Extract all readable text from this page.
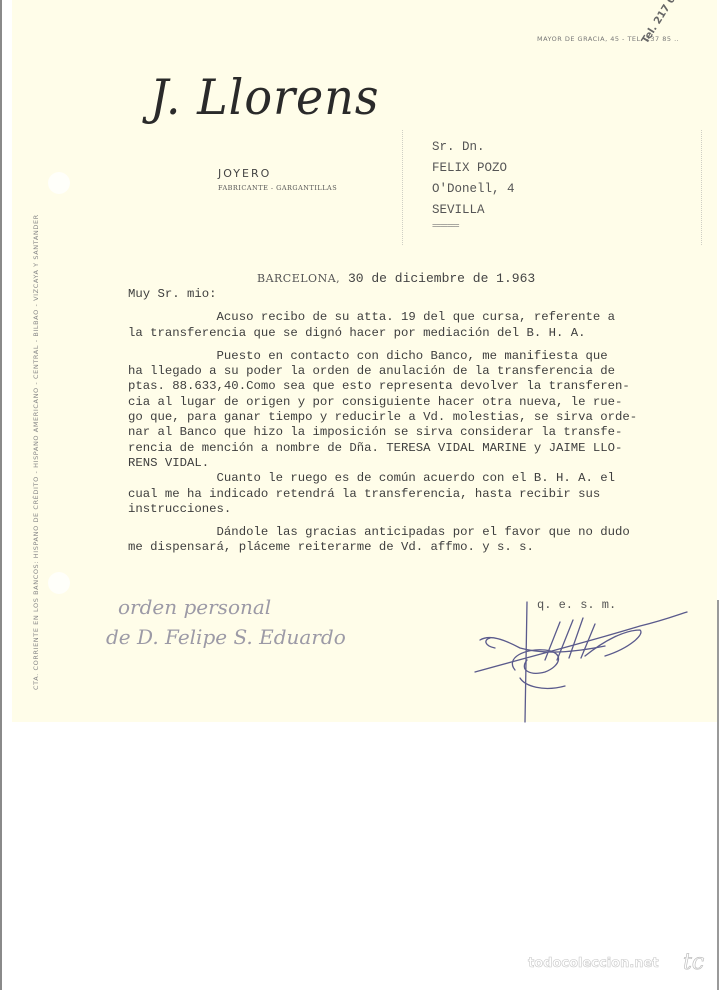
J. Llorens
JOYERO
FABRICANTE - GARGANTILLAS
MAYOR DE GRACIA, 45 - TEL. 237 85 ..
CTA. CORRIENTE EN LOS BANCOS: HISPANO DE CRÉDITO - HISPANO AMERICANO - CENTRAL - BILBAO - VIZCAYA Y SANTANDER
Sr. Dn.
FELIX POZO
O'Donell, 4
SEVILLA
=======
BARCELONA, 30 de diciembre de 1.963
Muy Sr. mio:
Acuso recibo de su atta. 19 del que cursa, referente a
la transferencia que se dignó hacer por mediación del B. H. A.
Puesto en contacto con dicho Banco, me manifiesta que
ha llegado a su poder la orden de anulación de la transferencia de
ptas. 88.633,40.Como sea que esto representa devolver la transferen-
cia al lugar de origen y por consiguiente hacer otra nueva, le rue-
go que, para ganar tiempo y reducirle a Vd. molestias, se sirva orde-
nar al Banco que hizo la imposición se sirva considerar la transfe-
rencia de mención a nombre de Dña. TERESA VIDAL MARINE y JAIME LLO-
RENS VIDAL.
Cuanto le ruego es de común acuerdo con el B. H. A. el
cual me ha indicado retendrá la transferencia, hasta recibir sus
instrucciones.
Dándole las gracias anticipadas por el favor que no dudo
me dispensará, pláceme reiterarme de Vd. affmo. y s. s.
q. e. s. m.
orden personal
de D. Felipe S. Eduardo
todocoleccion.net tc
